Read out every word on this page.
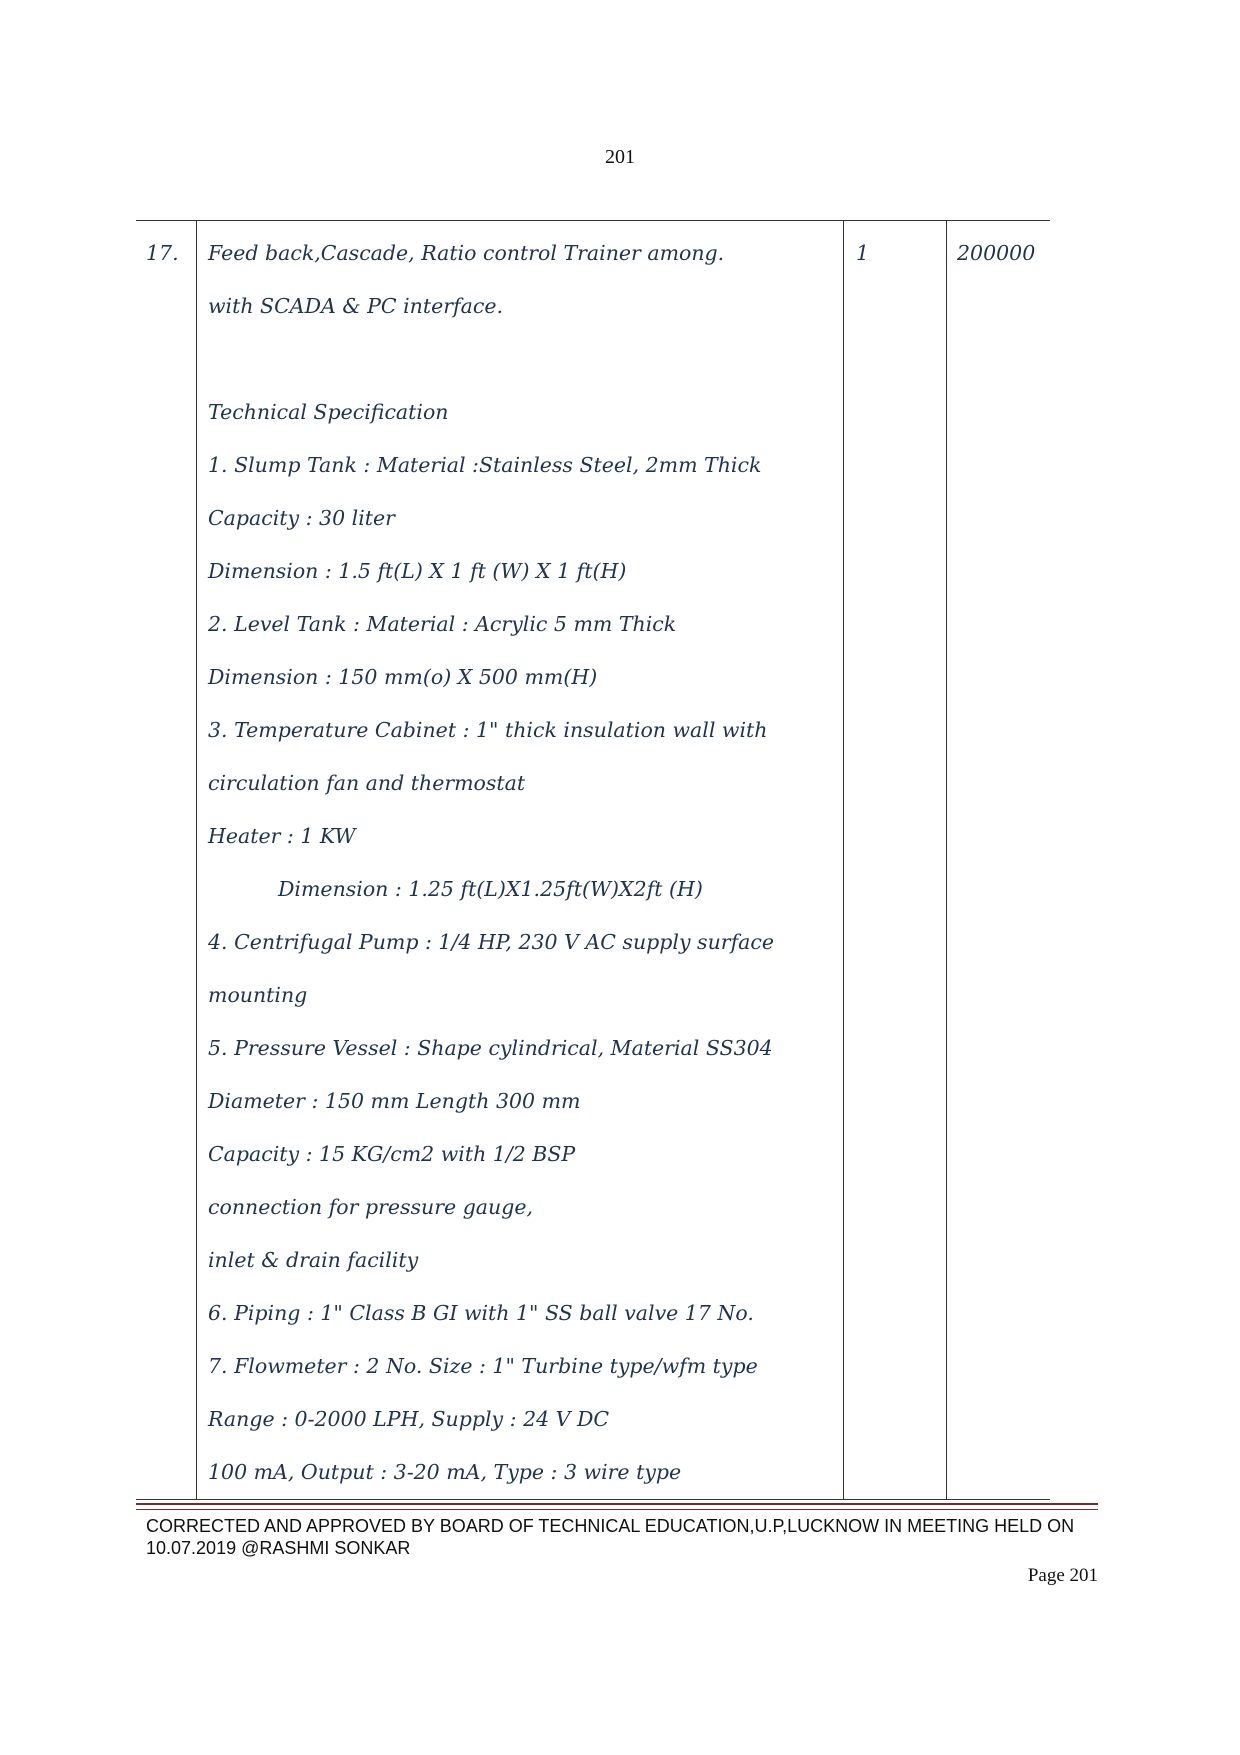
201
17. Feed back,Cascade, Ratio control Trainer among.
with SCADA & PC interface.
Technical Specification
1. Slump Tank : Material :Stainless Steel, 2mm Thick
Capacity : 30 liter
Dimension : 1.5 ft(L) X 1 ft (W) X 1 ft(H)
2. Level Tank : Material : Acrylic 5 mm Thick
Dimension : 150 mm(o) X 500 mm(H)
3. Temperature Cabinet : 1" thick insulation wall with
circulation fan and thermostat
Heater : 1 KW
Dimension : 1.25 ft(L)X1.25ft(W)X2ft (H)
4. Centrifugal Pump : 1/4 HP, 230 V AC supply surface
mounting
5. Pressure Vessel : Shape cylindrical, Material SS304
Diameter : 150 mm Length 300 mm
Capacity : 15 KG/cm2 with 1/2 BSP
connection for pressure gauge,
inlet & drain facility
6. Piping : 1" Class B GI with 1" SS ball valve 17 No.
7. Flowmeter : 2 No. Size : 1" Turbine type/wfm type
Range : 0-2000 LPH, Supply : 24 V DC
100 mA, Output : 3-20 mA, Type : 3 wire type
1	200000
CORRECTED AND APPROVED BY BOARD OF TECHNICAL EDUCATION,U.P,LUCKNOW IN MEETING HELD ON
10.07.2019 @RASHMI SONKAR
Page 201
